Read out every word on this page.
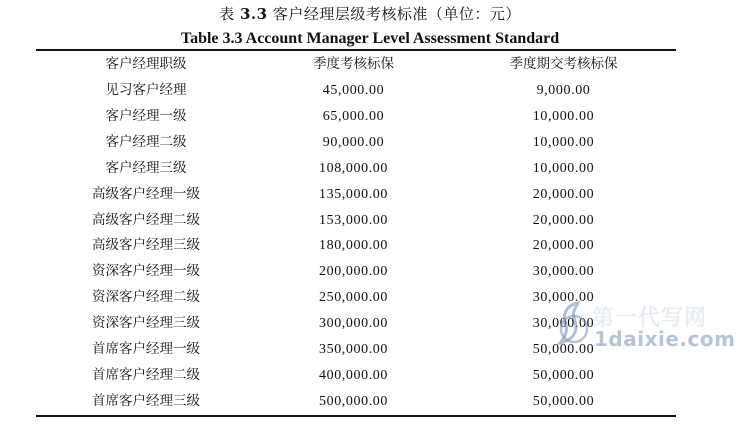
表 3.3 客户经理层级考核标准（单位：元）
Table 3.3 Account Manager Level Assessment Standard
客户经理职级	季度考核标保	季度期交考核标保
见习客户经理	45,000.00	9,000.00
客户经理一级	65,000.00	10,000.00
客户经理二级	90,000.00	10,000.00
客户经理三级	108,000.00	10,000.00
高级客户经理一级	135,000.00	20,000.00
高级客户经理二级	153,000.00	20,000.00
高级客户经理三级	180,000.00	20,000.00
资深客户经理一级	200,000.00	30,000.00
资深客户经理二级	250,000.00	30,000.00
资深客户经理三级	300,000.00	30,000.00
首席客户经理一级	350,000.00	50,000.00
首席客户经理二级	400,000.00	50,000.00
首席客户经理三级	500,000.00	50,000.00
第一代写网
1daixie.com
